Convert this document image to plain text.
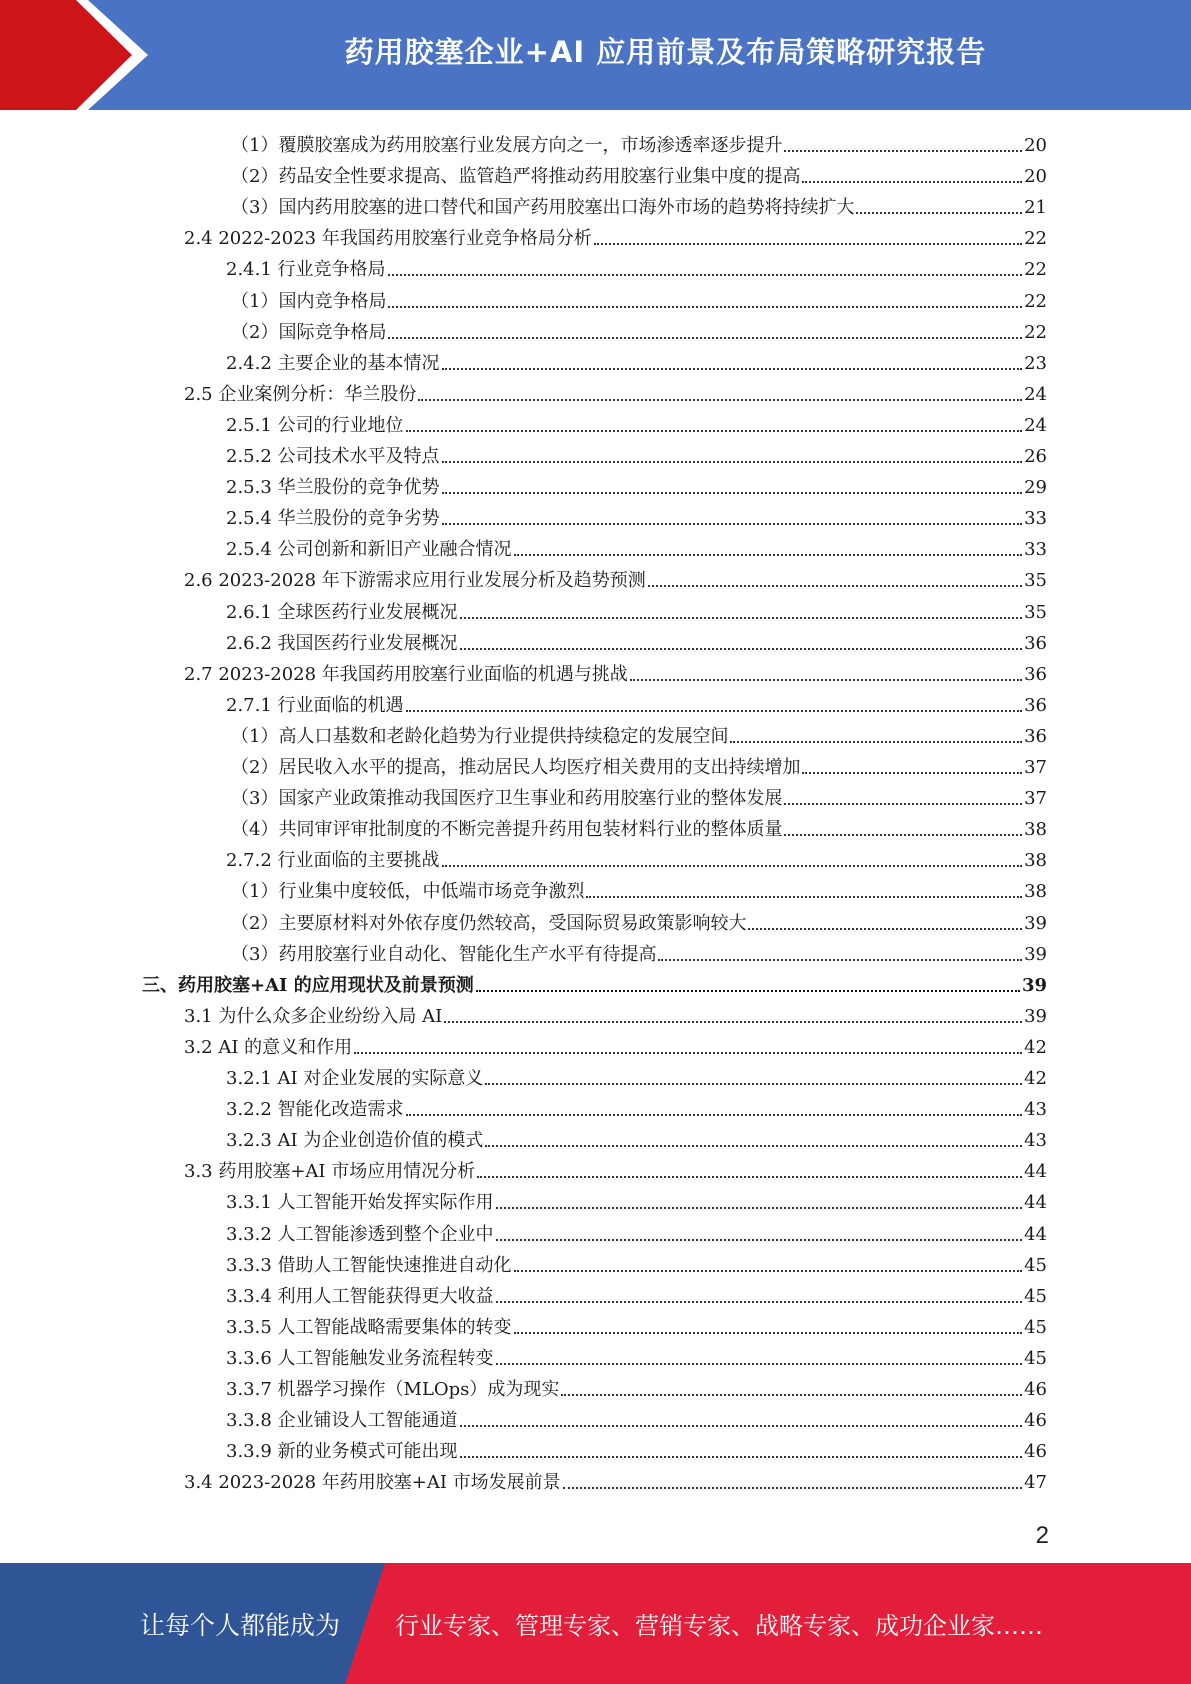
药用胶塞企业+AI 应用前景及布局策略研究报告
（1）覆膜胶塞成为药用胶塞行业发展方向之一，市场渗透率逐步提升	20
（2）药品安全性要求提高、监管趋严将推动药用胶塞行业集中度的提高	20
（3）国内药用胶塞的进口替代和国产药用胶塞出口海外市场的趋势将持续扩大	21
2.4 2022-2023 年我国药用胶塞行业竞争格局分析	22
2.4.1 行业竞争格局	22
（1）国内竞争格局	22
（2）国际竞争格局	22
2.4.2 主要企业的基本情况	23
2.5 企业案例分析：华兰股份	24
2.5.1 公司的行业地位	24
2.5.2 公司技术水平及特点	26
2.5.3 华兰股份的竞争优势	29
2.5.4 华兰股份的竞争劣势	33
2.5.4 公司创新和新旧产业融合情况	33
2.6 2023-2028 年下游需求应用行业发展分析及趋势预测	35
2.6.1 全球医药行业发展概况	35
2.6.2 我国医药行业发展概况	36
2.7 2023-2028 年我国药用胶塞行业面临的机遇与挑战	36
2.7.1 行业面临的机遇	36
（1）高人口基数和老龄化趋势为行业提供持续稳定的发展空间	36
（2）居民收入水平的提高，推动居民人均医疗相关费用的支出持续增加	37
（3）国家产业政策推动我国医疗卫生事业和药用胶塞行业的整体发展	37
（4）共同审评审批制度的不断完善提升药用包装材料行业的整体质量	38
2.7.2 行业面临的主要挑战	38
（1）行业集中度较低，中低端市场竞争激烈	38
（2）主要原材料对外依存度仍然较高，受国际贸易政策影响较大	39
（3）药用胶塞行业自动化、智能化生产水平有待提高	39
三、药用胶塞+AI 的应用现状及前景预测	39
3.1 为什么众多企业纷纷入局 AI	39
3.2 AI 的意义和作用	42
3.2.1 AI 对企业发展的实际意义	42
3.2.2 智能化改造需求	43
3.2.3 AI 为企业创造价值的模式	43
3.3 药用胶塞+AI 市场应用情况分析	44
3.3.1 人工智能开始发挥实际作用	44
3.3.2 人工智能渗透到整个企业中	44
3.3.3 借助人工智能快速推进自动化	45
3.3.4 利用人工智能获得更大收益	45
3.3.5 人工智能战略需要集体的转变	45
3.3.6 人工智能触发业务流程转变	45
3.3.7 机器学习操作（MLOps）成为现实	46
3.3.8 企业铺设人工智能通道	46
3.3.9 新的业务模式可能出现	46
3.4 2023-2028 年药用胶塞+AI 市场发展前景	47
2
让每个人都能成为	行业专家、管理专家、营销专家、战略专家、成功企业家……
